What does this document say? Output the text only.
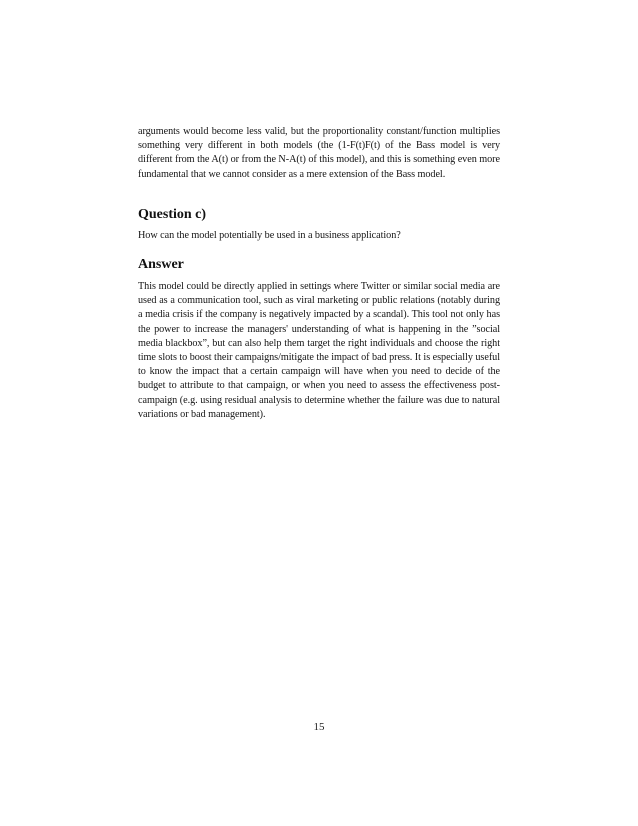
arguments would become less valid, but the proportionality constant/function multiplies something very different in both models (the (1-F(t)F(t) of the Bass model is very different from the A(t) or from the N-A(t) of this model), and this is something even more fundamental that we cannot consider as a mere extension of the Bass model.

Question c)

How can the model potentially be used in a business application?

Answer

This model could be directly applied in settings where Twitter or similar social media are used as a communication tool, such as viral marketing or public relations (notably during a media crisis if the company is negatively impacted by a scandal). This tool not only has the power to increase the managers' understanding of what is happening in the ”social media blackbox”, but can also help them target the right individuals and choose the right time slots to boost their campaigns/mitigate the impact of bad press. It is especially useful to know the impact that a certain campaign will have when you need to decide of the budget to attribute to that campaign, or when you need to assess the effectiveness post-campaign (e.g. using residual analysis to determine whether the failure was due to natural variations or bad management).

15
